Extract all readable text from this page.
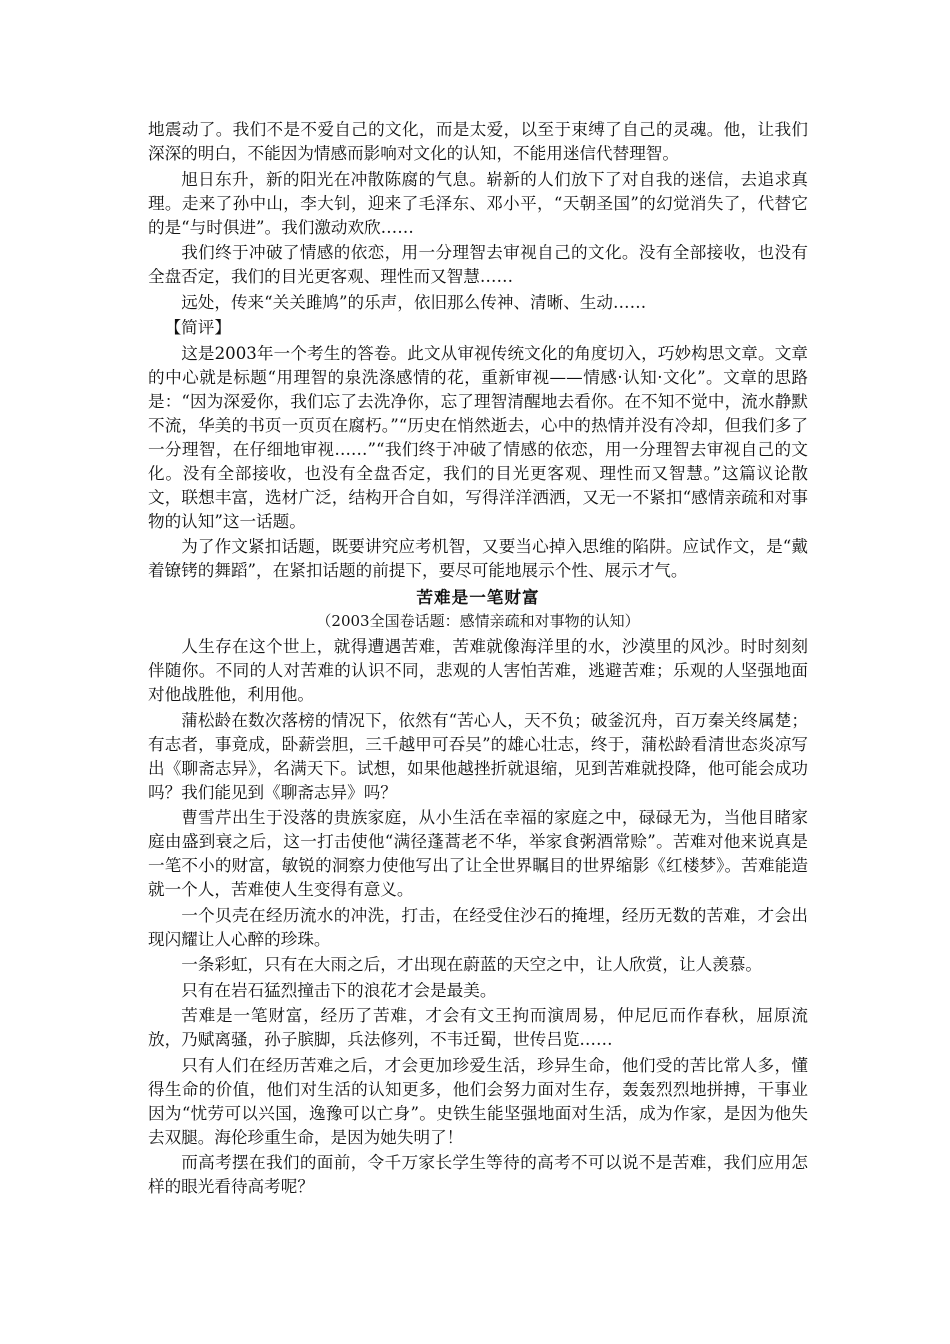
地震动了。我们不是不爱自己的文化，而是太爱，以至于束缚了自己的灵魂。他，让我们深深的明白，不能因为情感而影响对文化的认知，不能用迷信代替理智。

旭日东升，新的阳光在冲散陈腐的气息。崭新的人们放下了对自我的迷信，去追求真理。走来了孙中山，李大钊，迎来了毛泽东、邓小平，“天朝圣国”的幻觉消失了，代替它的是“与时俱进”。我们激动欢欣……

我们终于冲破了情感的依恋，用一分理智去审视自己的文化。没有全部接收，也没有全盘否定，我们的目光更客观、理性而又智慧……

远处，传来“关关雎鸠”的乐声，依旧那么传神、清晰、生动……

【简评】

这是2003年一个考生的答卷。此文从审视传统文化的角度切入，巧妙构思文章。文章的中心就是标题“用理智的泉洗涤感情的花，重新审视——情感·认知·文化”。文章的思路是：“因为深爱你，我们忘了去洗净你，忘了理智清醒地去看你。在不知不觉中，流水静默不流，华美的书页一页页在腐朽。”“历史在悄然逝去，心中的热情并没有冷却，但我们多了一分理智，在仔细地审视……”“我们终于冲破了情感的依恋，用一分理智去审视自己的文化。没有全部接收，也没有全盘否定，我们的目光更客观、理性而又智慧。”这篇议论散文，联想丰富，选材广泛，结构开合自如，写得洋洋洒洒，又无一不紧扣“感情亲疏和对事物的认知”这一话题。

为了作文紧扣话题，既要讲究应考机智，又要当心掉入思维的陷阱。应试作文，是“戴着镣铐的舞蹈”，在紧扣话题的前提下，要尽可能地展示个性、展示才气。

苦难是一笔财富

（2003全国卷话题：感情亲疏和对事物的认知）

人生存在这个世上，就得遭遇苦难，苦难就像海洋里的水，沙漠里的风沙。时时刻刻伴随你。不同的人对苦难的认识不同，悲观的人害怕苦难，逃避苦难；乐观的人坚强地面对他战胜他，利用他。

蒲松龄在数次落榜的情况下，依然有“苦心人，天不负；破釜沉舟，百万秦关终属楚；有志者，事竟成，卧薪尝胆，三千越甲可吞吴”的雄心壮志，终于，蒲松龄看清世态炎凉写出《聊斋志异》，名满天下。试想，如果他越挫折就退缩，见到苦难就投降，他可能会成功吗？我们能见到《聊斋志异》吗？

曹雪芹出生于没落的贵族家庭，从小生活在幸福的家庭之中，碌碌无为，当他目睹家庭由盛到衰之后，这一打击使他“满径蓬蒿老不华，举家食粥酒常赊”。苦难对他来说真是一笔不小的财富，敏锐的洞察力使他写出了让全世界瞩目的世界缩影《红楼梦》。苦难能造就一个人，苦难使人生变得有意义。

一个贝壳在经历流水的冲洗，打击，在经受住沙石的掩埋，经历无数的苦难，才会出现闪耀让人心醉的珍珠。

一条彩虹，只有在大雨之后，才出现在蔚蓝的天空之中，让人欣赏，让人羡慕。

只有在岩石猛烈撞击下的浪花才会是最美。

苦难是一笔财富，经历了苦难，才会有文王拘而演周易，仲尼厄而作春秋，屈原流放，乃赋离骚，孙子膑脚，兵法修列，不韦迁蜀，世传吕览……

只有人们在经历苦难之后，才会更加珍爱生活，珍异生命，他们受的苦比常人多，懂得生命的价值，他们对生活的认知更多，他们会努力面对生存，轰轰烈烈地拼搏，干事业因为“忧劳可以兴国，逸豫可以亡身”。史铁生能坚强地面对生活，成为作家，是因为他失去双腿。海伦珍重生命，是因为她失明了！

而高考摆在我们的面前，令千万家长学生等待的高考不可以说不是苦难，我们应用怎样的眼光看待高考呢？
